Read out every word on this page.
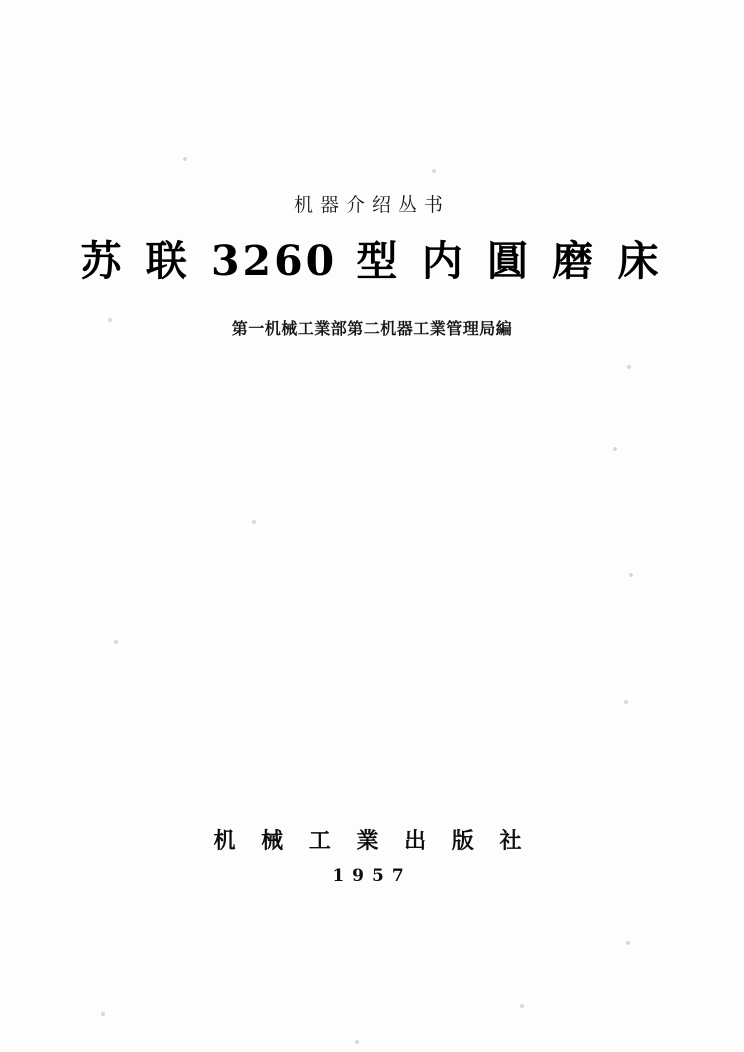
机器介绍丛书
苏 联 3260 型 内 圓 磨 床
第一机械工業部第二机器工業管理局編
机 械 工 業 出 版 社
1957
